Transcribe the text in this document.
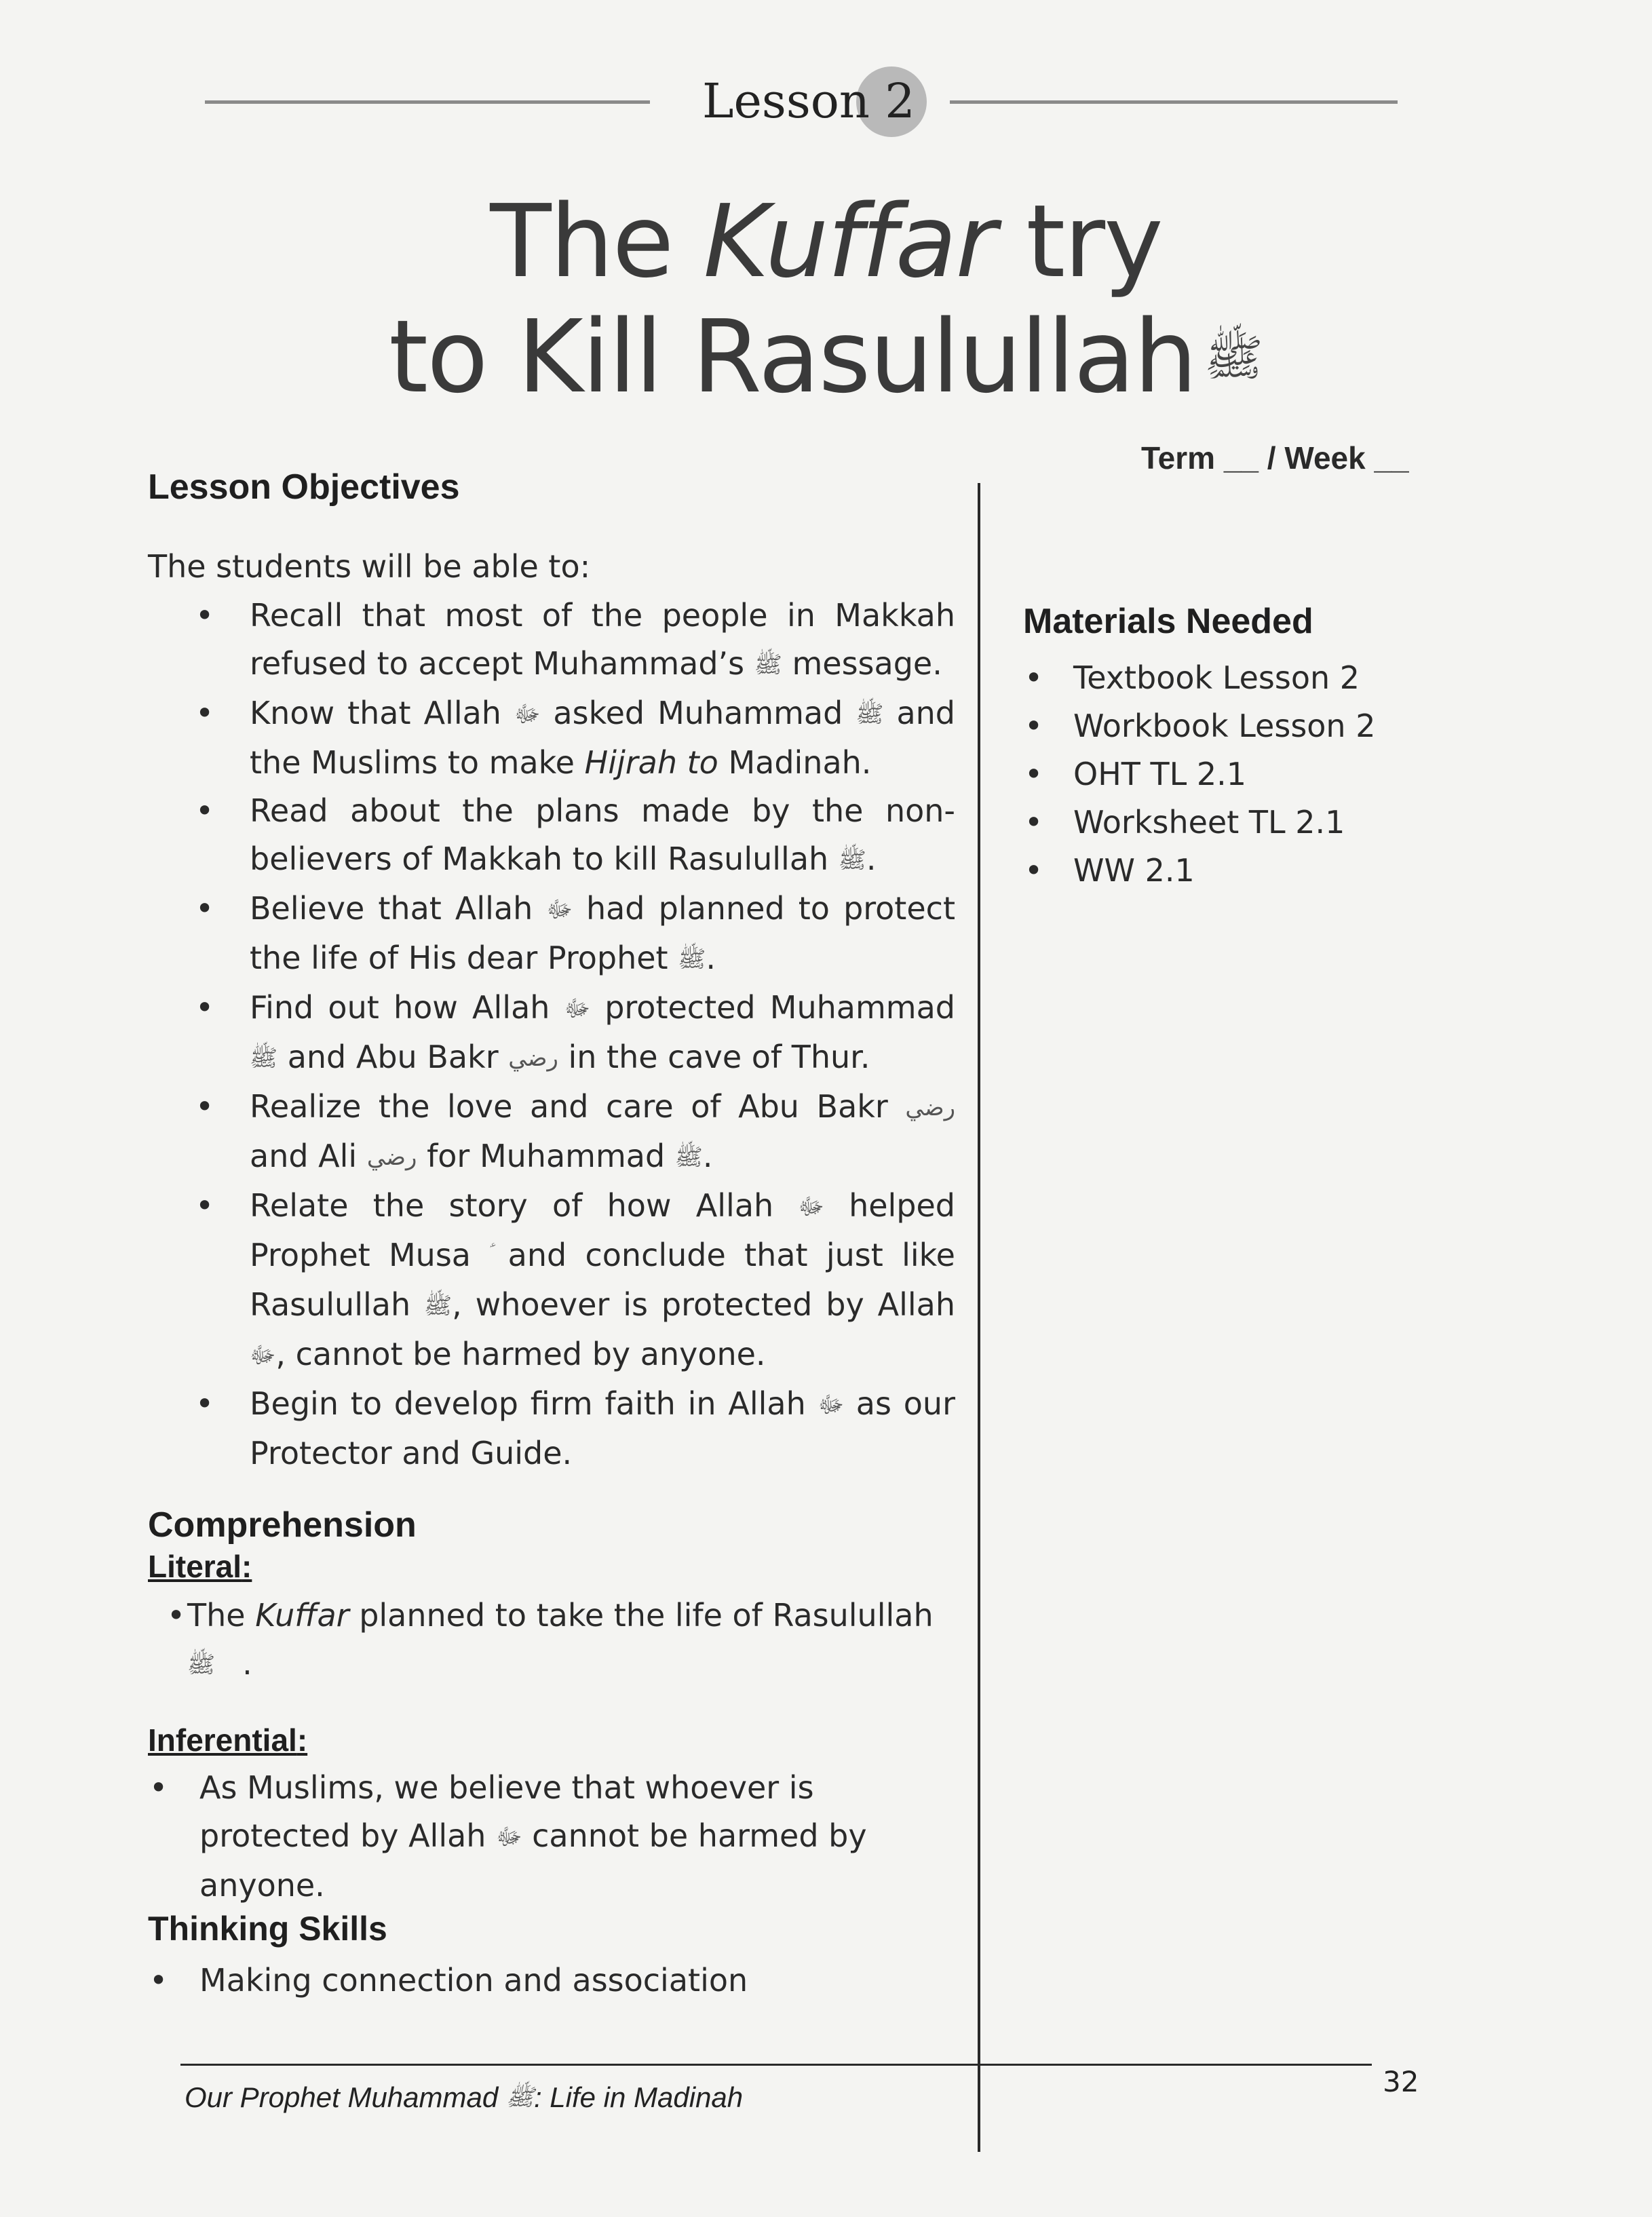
Lesson 2
The Kuffar try
to Kill Rasulullah ﷺ
Term __ / Week __
Lesson Objectives
The students will be able to:
• Recall that most of the people in Makkah refused to accept Muhammad’s ﷺ message.
• Know that Allah ﷻ asked Muhammad ﷺ and the Muslims to make Hijrah to Madinah.
• Read about the plans made by the non-believers of Makkah to kill Rasulullah ﷺ.
• Believe that Allah ﷻ had planned to protect the life of His dear Prophet ﷺ.
• Find out how Allah ﷻ protected Muhammad ﷺ and Abu Bakr رضي in the cave of Thur.
• Realize the love and care of Abu Bakr رضي and Ali رضي for Muhammad ﷺ.
• Relate the story of how Allah ﷻ helped Prophet Musa and conclude that just like Rasulullah ﷺ, whoever is protected by Allah ﷻ, cannot be harmed by anyone.
• Begin to develop firm faith in Allah ﷻ as our Protector and Guide.
Comprehension
Literal:
• The Kuffar planned to take the life of Rasulullah
ﷺ .
Inferential:
• As Muslims, we believe that whoever is protected by Allah ﷻ cannot be harmed by anyone.
Thinking Skills
• Making connection and association
Materials Needed
• Textbook Lesson 2
• Workbook Lesson 2
• OHT TL 2.1
• Worksheet TL 2.1
• WW 2.1
Our Prophet Muhammad ﷺ: Life in Madinah	32
